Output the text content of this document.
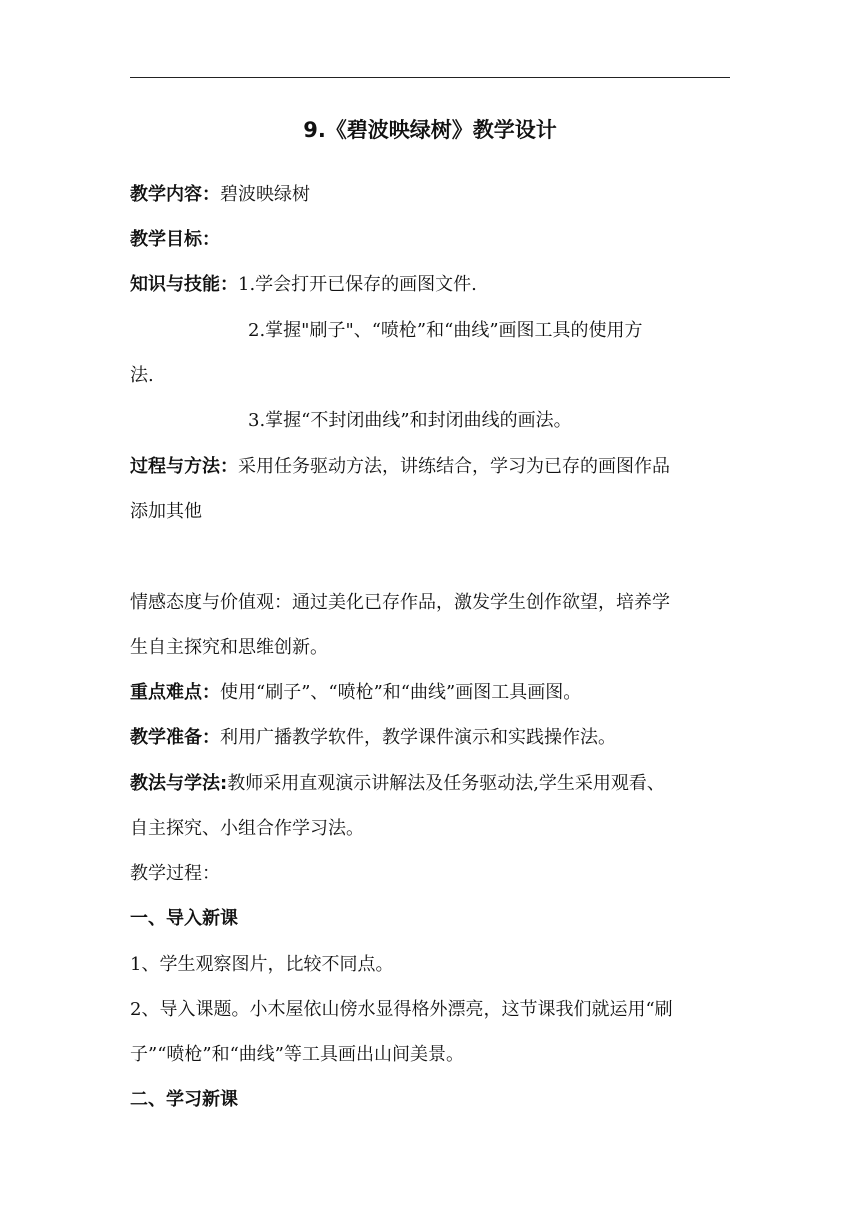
9.《碧波映绿树》教学设计
教学内容：碧波映绿树
教学目标：
知识与技能：1.学会打开已保存的画图文件.
2.掌握"刷子"、“喷枪”和“曲线”画图工具的使用方
法.
3.掌握“不封闭曲线”和封闭曲线的画法。
过程与方法：采用任务驱动方法，讲练结合，学习为已存的画图作品
添加其他
情感态度与价值观：通过美化已存作品，激发学生创作欲望，培养学
生自主探究和思维创新。
重点难点：使用“刷子”、“喷枪”和“曲线”画图工具画图。
教学准备：利用广播教学软件，教学课件演示和实践操作法。
教法与学法:教师采用直观演示讲解法及任务驱动法,学生采用观看、
自主探究、小组合作学习法。
教学过程：
一、导入新课
1、学生观察图片，比较不同点。
2、导入课题。小木屋依山傍水显得格外漂亮，这节课我们就运用“刷
子”“喷枪”和“曲线”等工具画出山间美景。
二、学习新课
